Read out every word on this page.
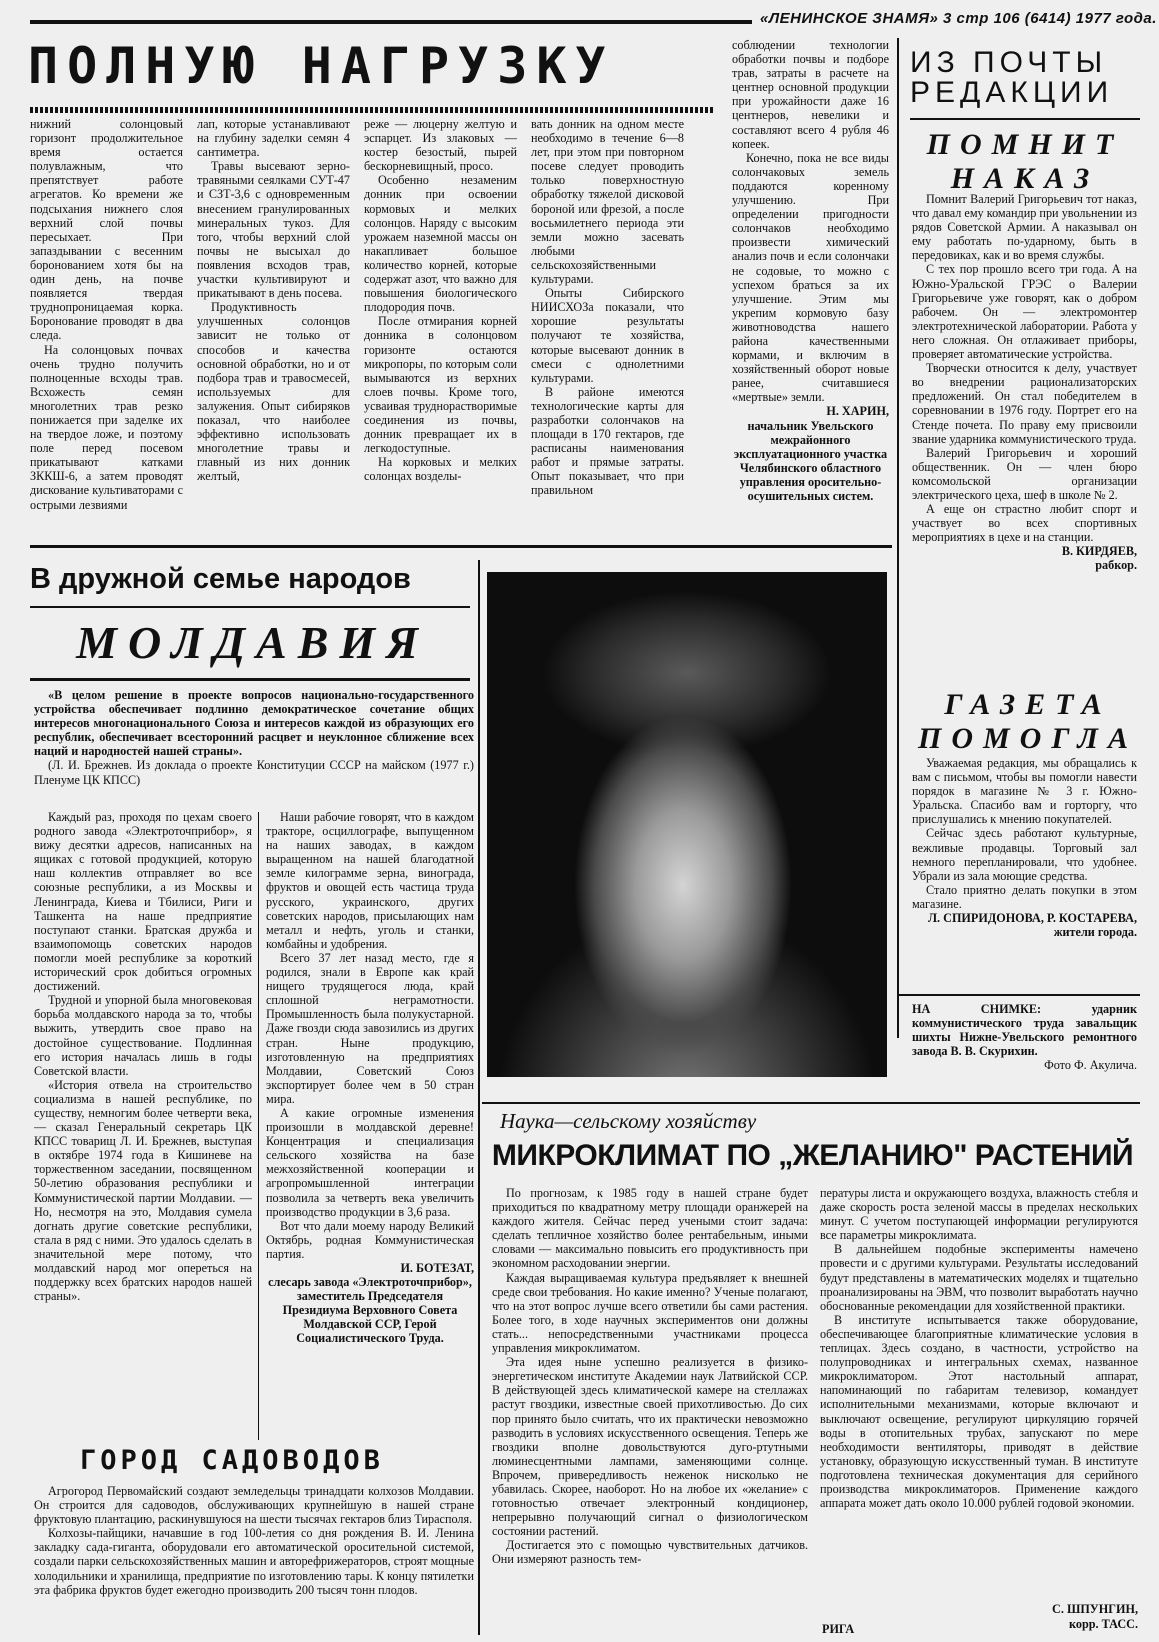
«ЛЕНИНСКОЕ ЗНАМЯ» 3 стр 106 (6414) 1977 года.
ПОЛНУЮ НАГРУЗКУ

нижний солонцовый горизонт продолжительное время остается полувлажным, что препятствует работе агрегатов. Ко времени же подсыхания нижнего слоя верхний слой почвы пересыхает. При запаздывании с весенним боронованием хотя бы на один день, на почве появляется твердая труднопроницаемая корка. Боронование проводят в два следа.

На солонцовых почвах очень трудно получить полноценные всходы трав. Всхожесть семян многолетних трав резко понижается при заделке их на твердое ложе, и поэтому поле перед посевом прикатывают катками ЗККШ-6, а затем проводят дискование культиваторами с острыми лезвиями

лап, которые устанавливают на глубину заделки семян 4 сантиметра.

Травы высевают зерно-травяными сеялками СУТ-47 и СЗТ-3,6 с одновременным внесением гранулированных минеральных тукоз. Для того, чтобы верхний слой почвы не высыхал до появления всходов трав, участки культивируют и прикатывают в день посева.

Продуктивность улучшенных солонцов зависит не только от способов и качества основной обработки, но и от подбора трав и травосмесей, используемых для залужения. Опыт сибиряков показал, что наиболее эффективно использовать многолетние травы и главный из них донник желтый,

реже — люцерну желтую и эспарцет. Из злаковых — костер безостый, пырей бескорневищный, просо.

Особенно незаменим донник при освоении кормовых и мелких солонцов. Наряду с высоким урожаем наземной массы он накапливает большое количество корней, которые содержат азот, что важно для повышения биологического плодородия почв.

После отмирания корней донника в солонцовом горизонте остаются микропоры, по которым соли вымываются из верхних слоев почвы. Кроме того, усваивая труднорастворимые соединения из почвы, донник превращает их в легкодоступные.

На корковых и мелких солонцах возделы-

вать донник на одном месте необходимо в течение 6—8 лет, при этом при повторном посеве следует проводить только поверхностную обработку тяжелой дисковой бороной или фрезой, а после восьмилетнего периода эти земли можно засевать любыми сельскохозяйственными культурами.

Опыты Сибирского НИИСХОЗа показали, что хорошие результаты получают те хозяйства, которые высевают донник в смеси с однолетними культурами.

В районе имеются технологические карты для разработки солончаков на площади в 170 гектаров, где расписаны наименования работ и прямые затраты. Опыт показывает, что при правильном

соблюдении технологии обработки почвы и подборе трав, затраты в расчете на центнер основной продукции при урожайности даже 16 центнеров, невелики и составляют всего 4 рубля 46 копеек.

Конечно, пока не все виды солончаковых земель поддаются коренному улучшению. При определении пригодности солончаков необходимо произвести химический анализ почв и если солончаки не содовые, то можно с успехом браться за их улучшение. Этим мы укрепим кормовую базу животноводства нашего района качественными кормами, и включим в хозяйственный оборот новые ранее, считавшиеся «мертвые» земли.

Н. ХАРИН,

начальник Увельского межрайонного эксплуатационного участка Челябинского областного управления оросительно-осушительных систем.

ИЗ ПОЧТЫ РЕДАКЦИИ
ПОМНИТ НАКАЗ

Помнит Валерий Григорьевич тот наказ, что давал ему командир при увольнении из рядов Советской Армии. А наказывал он ему работать по-ударному, быть в передовиках, как и во время службы.

С тех пор прошло всего три года. А на Южно-Уральской ГРЭС о Валерии Григорьевиче уже говорят, как о добром рабочем. Он — электромонтер электротехнической лаборатории. Работа у него сложная. Он отлаживает приборы, проверяет автоматические устройства.

Творчески относится к делу, участвует во внедрении рационализаторских предложений. Он стал победителем в соревновании в 1976 году. Портрет его на Стенде почета. По праву ему присвоили звание ударника коммунистического труда.

Валерий Григорьевич и хороший общественник. Он — член бюро комсомольской организации электрического цеха, шеф в школе № 2.

А еще он страстно любит спорт и участвует во всех спортивных мероприятиях в цехе и на станции.

В. КИРДЯЕВ,

рабкор.

ГАЗЕТА ПОМОГЛА

Уважаемая редакция, мы обращались к вам с письмом, чтобы вы помогли навести порядок в магазине № 3 г. Южно-Уральска. Спасибо вам и горторгу, что прислушались к мнению покупателей.

Сейчас здесь работают культурные, вежливые продавцы. Торговый зал немного перепланировали, что удобнее. Убрали из зала моющие средства.

Стало приятно делать покупки в этом магазине.

Л. СПИРИДОНОВА, Р. КОСТАРЕВА,

жители города.

НА СНИМКЕ: ударник коммунистического труда завальщик шихты Нижне-Увельского ремонтного завода В. В. Скурихин.

Фото Ф. Акулича.

В дружной семье народов
МОЛДАВИЯ

«В целом решение в проекте вопросов национально-государственного устройства обеспечивает подлинно демократическое сочетание общих интересов многонационального Союза и интересов каждой из образующих его республик, обеспечивает всесторонний расцвет и неуклонное сближение всех наций и народностей нашей страны».

(Л. И. Брежнев. Из доклада о проекте Конституции СССР на майском (1977 г.) Пленуме ЦК КПСС)

Каждый раз, проходя по цехам своего родного завода «Электроточприбор», я вижу десятки адресов, написанных на ящиках с готовой продукцией, которую наш коллектив отправляет во все союзные республики, а из Москвы и Ленинграда, Киева и Тбилиси, Риги и Ташкента на наше предприятие поступают станки. Братская дружба и взаимопомощь советских народов помогли моей республике за короткий исторический срок добиться огромных достижений.

Трудной и упорной была многовековая борьба молдавского народа за то, чтобы выжить, утвердить свое право на достойное существование. Подлинная его история началась лишь в годы Советской власти.

«История отвела на строительство социализма в нашей республике, по существу, немногим более четверти века, — сказал Генеральный секретарь ЦК КПСС товарищ Л. И. Брежнев, выступая в октябре 1974 года в Кишиневе на торжественном заседании, посвященном 50-летию образования республики и Коммунистической партии Молдавии. — Но, несмотря на это, Молдавия сумела догнать другие советские республики, стала в ряд с ними. Это удалось сделать в значительной мере потому, что молдавский народ мог опереться на поддержку всех братских народов нашей страны».

Наши рабочие говорят, что в каждом тракторе, осциллографе, выпущенном на наших заводах, в каждом выращенном на нашей благодатной земле килограмме зерна, винограда, фруктов и овощей есть частица труда русского, украинского, других советских народов, присылающих нам металл и нефть, уголь и станки, комбайны и удобрения.

Всего 37 лет назад место, где я родился, знали в Европе как край нищего трудящегося люда, край сплошной неграмотности. Промышленность была полукустарной. Даже гвозди сюда завозились из других стран. Ныне продукцию, изготовленную на предприятиях Молдавии, Советский Союз экспортирует более чем в 50 стран мира.

А какие огромные изменения произошли в молдавской деревне! Концентрация и специализация сельского хозяйства на базе межхозяйственной кооперации и агропромышленной интеграции позволила за четверть века увеличить производство продукции в 3,6 раза.

Вот что дали моему народу Великий Октябрь, родная Коммунистическая партия.

И. БОТЕЗАТ,

слесарь завода «Электроточприбор», заместитель Председателя Президиума Верховного Совета Молдавской ССР, Герой Социалистического Труда.

ГОРОД САДОВОДОВ

Агрогород Первомайский создают земледельцы тринадцати колхозов Молдавии. Он строится для садоводов, обслуживающих крупнейшую в нашей стране фруктовую плантацию, раскинувшуюся на шести тысячах гектаров близ Тирасполя.

Колхозы-пайщики, начавшие в год 100-летия со дня рождения В. И. Ленина закладку сада-гиганта, оборудовали его автоматической оросительной системой, создали парки сельскохозяйственных машин и авторефрижераторов, строят мощные холодильники и хранилища, предприятие по изготовлению тары. К концу пятилетки эта фабрика фруктов будет ежегодно производить 200 тысяч тонн плодов.

Наука—сельскому хозяйству
МИКРОКЛИМАТ ПО „ЖЕЛАНИЮ" РАСТЕНИЙ

По прогнозам, к 1985 году в нашей стране будет приходиться по квадратному метру площади оранжерей на каждого жителя. Сейчас перед учеными стоит задача: сделать тепличное хозяйство более рентабельным, иными словами — максимально повысить его продуктивность при экономном расходовании энергии.

Каждая выращиваемая культура предъявляет к внешней среде свои требования. Но какие именно? Ученые полагают, что на этот вопрос лучше всего ответили бы сами растения. Более того, в ходе научных экспериментов они должны стать... непосредственными участниками процесса управления микроклиматом.

Эта идея ныне успешно реализуется в физико-энергетическом институте Академии наук Латвийской ССР. В действующей здесь климатической камере на стеллажах растут гвоздики, известные своей прихотливостью. До сих пор принято было считать, что их практически невозможно разводить в условиях искусственного освещения. Теперь же гвоздики вполне довольствуются дуго-ртутными люминесцентными лампами, заменяющими солнце. Впрочем, привередливость неженок нисколько не убавилась. Скорее, наоборот. Но на любое их «желание» с готовностью отвечает электронный кондиционер, непрерывно получающий сигнал о физиологическом состоянии растений.

Достигается это с помощью чувствительных датчиков. Они измеряют разность тем-

пературы листа и окружающего воздуха, влажность стебля и даже скорость роста зеленой массы в пределах нескольких минут. С учетом поступающей информации регулируются все параметры микроклимата.

В дальнейшем подобные эксперименты намечено провести и с другими культурами. Результаты исследований будут представлены в математических моделях и тщательно проанализированы на ЭВМ, что позволит выработать научно обоснованные рекомендации для хозяйственной практики.

В институте испытывается также оборудование, обеспечивающее благоприятные климатические условия в теплицах. Здесь создано, в частности, устройство на полупроводниках и интегральных схемах, названное микроклиматором. Этот настольный аппарат, напоминающий по габаритам телевизор, командует исполнительными механизмами, которые включают и выключают освещение, регулируют циркуляцию горячей воды в отопительных трубах, запускают по мере необходимости вентиляторы, приводят в действие установку, образующую искусственный туман. В институте подготовлена техническая документация для серийного производства микроклиматоров. Применение каждого аппарата может дать около 10.000 рублей годовой экономии.

С. ШПУНГИН,
корр. ТАСС.
РИГА
